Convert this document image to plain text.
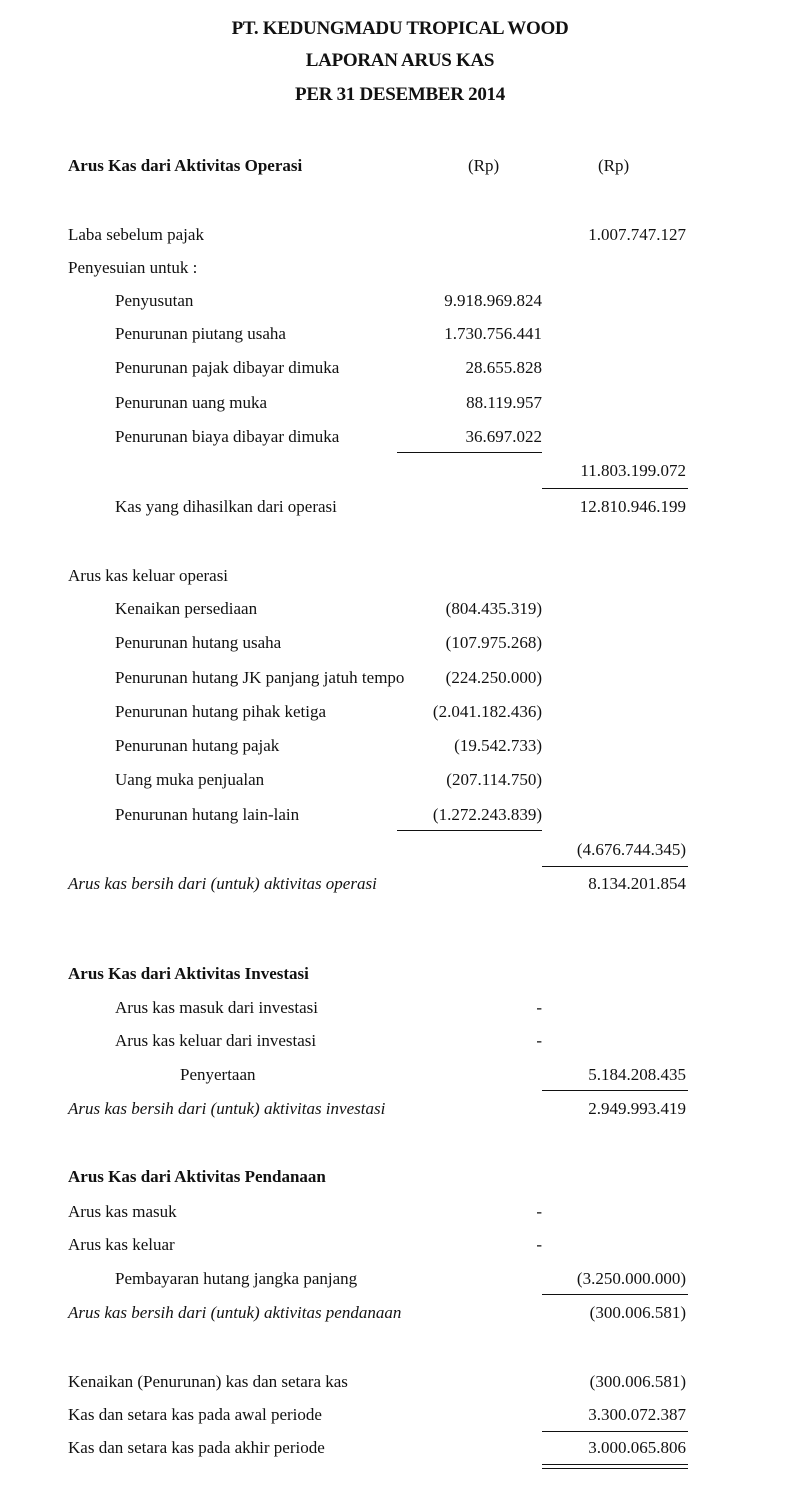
PT. KEDUNGMADU TROPICAL WOOD
LAPORAN ARUS KAS
PER 31 DESEMBER 2014
Arus Kas dari Aktivitas Operasi	(Rp)	(Rp)
Laba sebelum pajak	1.007.747.127
Penyesuian untuk :
Penyusutan	9.918.969.824
Penurunan piutang usaha	1.730.756.441
Penurunan pajak dibayar dimuka	28.655.828
Penurunan uang muka	88.119.957
Penurunan biaya dibayar dimuka	36.697.022
11.803.199.072
Kas yang dihasilkan dari operasi	12.810.946.199
Arus kas keluar operasi
Kenaikan persediaan	(804.435.319)
Penurunan hutang usaha	(107.975.268)
Penurunan hutang JK panjang jatuh tempo (224.250.000)
Penurunan hutang pihak ketiga	(2.041.182.436)
Penurunan hutang pajak	(19.542.733)
Uang muka penjualan	(207.114.750)
Penurunan hutang lain-lain	(1.272.243.839)
(4.676.744.345)
Arus kas bersih dari (untuk) aktivitas operasi	8.134.201.854
Arus Kas dari Aktivitas Investasi
Arus kas masuk dari investasi	-
Arus kas keluar dari investasi	-
Penyertaan	5.184.208.435
Arus kas bersih dari (untuk) aktivitas investasi	2.949.993.419
Arus Kas dari Aktivitas Pendanaan
Arus kas masuk	-
Arus kas keluar	-
Pembayaran hutang jangka panjang	(3.250.000.000)
Arus kas bersih dari (untuk) aktivitas pendanaan	(300.006.581)
Kenaikan (Penurunan) kas dan setara kas	(300.006.581)
Kas dan setara kas pada awal periode	3.300.072.387
Kas dan setara kas pada akhir periode	3.000.065.806
